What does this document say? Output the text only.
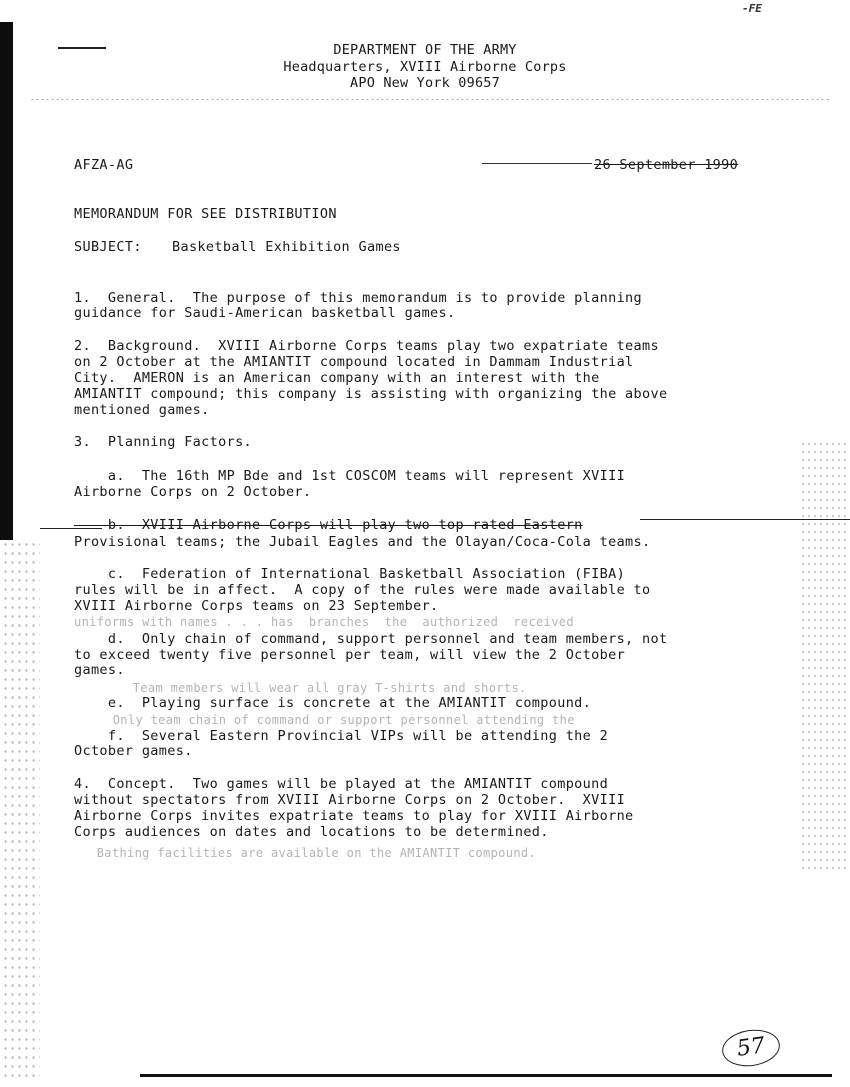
-FE
DEPARTMENT OF THE ARMY
Headquarters, XVIII Airborne Corps
APO New York 09657
AFZA-AG	26 September 1990
MEMORANDUM FOR SEE DISTRIBUTION
SUBJECT: Basketball Exhibition Games
1.  General.  The purpose of this memorandum is to provide planning
guidance for Saudi-American basketball games.
2.  Background.  XVIII Airborne Corps teams play two expatriate teams
on 2 October at the AMIANTIT compound located in Dammam Industrial
City.  AMERON is an American company with an interest with the
AMIANTIT compound; this company is assisting with organizing the above
mentioned games.
3.  Planning Factors.
a.  The 16th MP Bde and 1st COSCOM teams will represent XVIII
Airborne Corps on 2 October.
b.  XVIII Airborne Corps will play two top rated Eastern
Provisional teams; the Jubail Eagles and the Olayan/Coca-Cola teams.
c.  Federation of International Basketball Association (FIBA)
rules will be in affect.  A copy of the rules were made available to
XVIII Airborne Corps teams on 23 September.
uniforms with names . . . has  branches  the  authorized  received
d.  Only chain of command, support personnel and team members, not
to exceed twenty five personnel per team, will view the 2 October
games.
Team members will wear all gray T-shirts and shorts.
e.  Playing surface is concrete at the AMIANTIT compound.
Only team chain of command or support personnel attending the
f.  Several Eastern Provincial VIPs will be attending the 2
October games.
4.  Concept.  Two games will be played at the AMIANTIT compound
without spectators from XVIII Airborne Corps on 2 October.  XVIII
Airborne Corps invites expatriate teams to play for XVIII Airborne
Corps audiences on dates and locations to be determined.
Bathing facilities are available on the AMIANTIT compound.
57
